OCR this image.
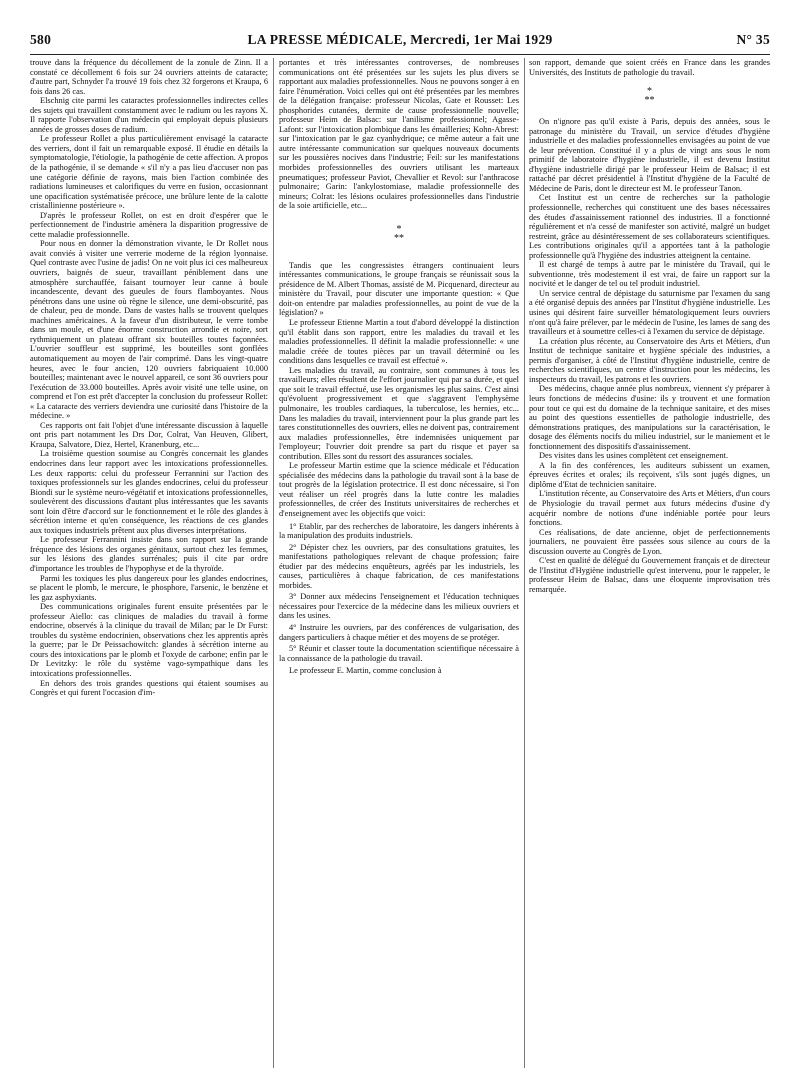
580	LA PRESSE MÉDICALE, Mercredi, 1er Mai 1929	N° 35

trouve dans la fréquence du décollement de la zonule de Zinn. Il a constaté ce décollement 6 fois sur 24 ouvriers atteints de cataracte; d'autre part, Schnyder l'a trouvé 19 fois chez 32 forgerons et Kraupa, 6 fois dans 26 cas.

Elschnig cite parmi les cataractes professionnelles indirectes celles des sujets qui travaillent constamment avec le radium ou les rayons X. Il rapporte l'observation d'un médecin qui employait depuis plusieurs années de grosses doses de radium.

Le professeur Rollet a plus particulièrement envisagé la cataracte des verriers, dont il fait un remarquable exposé. Il étudie en détails la symptomatologie, l'étiologie, la pathogénie de cette affection. A propos de la pathogénie, il se demande « s'il n'y a pas lieu d'accuser non pas une catégorie définie de rayons, mais bien l'action combinée des radiations lumineuses et calorifiques du verre en fusion, occasionnant une opacification systématisée précoce, une brûlure lente de la calotte cristallinienne postérieure ».

D'après le professeur Rollet, on est en droit d'espérer que le perfectionnement de l'industrie amènera la disparition progressive de cette maladie professionnelle.

Pour nous en donner la démonstration vivante, le Dr Rollet nous avait conviés à visiter une verrerie moderne de la région lyonnaise. Quel contraste avec l'usine de jadis! On ne voit plus ici ces malheureux ouvriers, baignés de sueur, travaillant péniblement dans une atmosphère surchauffée, faisant tournoyer leur canne à boule incandescente, devant des gueules de fours flamboyantes. Nous pénétrons dans une usine où règne le silence, une demi-obscurité, pas de chaleur, peu de monde. Dans de vastes halls se trouvent quelques machines américaines. A la faveur d'un distributeur, le verre tombe dans un moule, et d'une énorme construction arrondie et noire, sort rythmiquement un plateau offrant six bouteilles toutes façonnées. L'ouvrier souffleur est supprimé, les bouteilles sont gonflées automatiquement au moyen de l'air comprimé. Dans les vingt-quatre heures, avec le four ancien, 120 ouvriers fabriquaient 10.000 bouteilles; maintenant avec le nouvel appareil, ce sont 36 ouvriers pour l'exécution de 33.000 bouteilles. Après avoir visité une telle usine, on comprend et l'on est prêt d'accepter la conclusion du professeur Rollet: « La cataracte des verriers deviendra une curiosité dans l'histoire de la médecine. »

Ces rapports ont fait l'objet d'une intéressante discussion à laquelle ont pris part notamment les Drs Dor, Colrat, Van Heuven, Glibert, Kraupa, Salvatore, Diez, Hertel, Kranenburg, etc...

La troisième question soumise au Congrès concernait les glandes endocrines dans leur rapport avec les intoxications professionnelles. Les deux rapports: celui du professeur Ferrannini sur l'action des toxiques professionnels sur les glandes endocrines, celui du professeur Biondi sur le système neuro-végétatif et intoxications professionnelles, soulevèrent des discussions d'autant plus intéressantes que les savants sont loin d'être d'accord sur le fonctionnement et le rôle des glandes à sécrétion interne et qu'en conséquence, les réactions de ces glandes aux toxiques industriels prêtent aux plus diverses interprétations.

Le professeur Ferrannini insiste dans son rapport sur la grande fréquence des lésions des organes génitaux, surtout chez les femmes, sur les lésions des glandes surrénales; puis il cite par ordre d'importance les troubles de l'hypophyse et de la thyroïde.

Parmi les toxiques les plus dangereux pour les glandes endocrines, se placent le plomb, le mercure, le phosphore, l'arsenic, le benzène et les gaz asphyxiants.

Des communications originales furent ensuite présentées par le professeur Aiello: cas cliniques de maladies du travail à forme endocrine, observés à la clinique du travail de Milan; par le Dr Furst: troubles du système endocrinien, observations chez les apprentis après la guerre; par le Dr Peissachowitch: glandes à sécrétion interne au cours des intoxications par le plomb et l'oxyde de carbone; enfin par le Dr Levitzky: le rôle du système vago-sympathique dans les intoxications professionnelles.

En dehors des trois grandes questions qui étaient soumises au Congrès et qui furent l'occasion d'im-

portantes et très intéressantes controverses, de nombreuses communications ont été présentées sur les sujets les plus divers se rapportant aux maladies professionnelles. Nous ne pouvons songer à en faire l'énumération. Voici celles qui ont été présentées par les membres de la délégation française: professeur Nicolas, Gate et Rousset: Les phosphorides cutanées, dermite de cause professionnelle nouvelle; professeur Heim de Balsac: sur l'anilisme professionnel; Agasse-Lafont: sur l'intoxication plombique dans les émailleries; Kohn-Abrest: sur l'intoxication par le gaz cyanhydrique; ce même auteur a fait une autre intéressante communication sur quelques nouveaux documents sur les poussières nocives dans l'industrie; Feil: sur les manifestations morbides professionnelles des ouvriers utilisant les marteaux pneumatiques; professeur Paviot, Chevallier et Revol: sur l'anthracose pulmonaire; Garin: l'ankylostomiase, maladie professionnelle des mineurs; Colrat: les lésions oculaires professionnelles dans l'industrie de la soie artificielle, etc...

*
**

Tandis que les congressistes étrangers continuaient leurs intéressantes communications, le groupe français se réunissait sous la présidence de M. Albert Thomas, assisté de M. Picquenard, directeur au ministère du Travail, pour discuter une importante question: « Que doit-on entendre par maladies professionnelles, au point de vue de la législation? »

Le professeur Etienne Martin a tout d'abord développé la distinction qu'il établit dans son rapport, entre les maladies du travail et les maladies professionnelles. Il définit la maladie professionnelle: « une maladie créée de toutes pièces par un travail déterminé ou les conditions dans lesquelles ce travail est effectué ».

Les maladies du travail, au contraire, sont communes à tous les travailleurs; elles résultent de l'effort journalier qui par sa durée, et quel que soit le travail effectué, use les organismes les plus sains. C'est ainsi qu'évoluent progressivement et que s'aggravent l'emphysème pulmonaire, les troubles cardiaques, la tuberculose, les hernies, etc... Dans les maladies du travail, interviennent pour la plus grande part les tares constitutionnelles des ouvriers, elles ne doivent pas, contrairement aux maladies professionnelles, être indemnisées uniquement par l'employeur; l'ouvrier doit prendre sa part du risque et payer sa contribution. Elles sont du ressort des assurances sociales.

Le professeur Martin estime que la science médicale et l'éducation spécialisée des médecins dans la pathologie du travail sont à la base de tout progrès de la législation protectrice. Il est donc nécessaire, si l'on veut réaliser un réel progrès dans la lutte contre les maladies professionnelles, de créer des Instituts universitaires de recherches et d'enseignement avec les objectifs que voici:

1° Etablir, par des recherches de laboratoire, les dangers inhérents à la manipulation des produits industriels.

2° Dépister chez les ouvriers, par des consultations gratuites, les manifestations pathologiques relevant de chaque profession; faire étudier par des médecins enquêteurs, agréés par les industriels, les causes, particulières à chaque fabrication, de ces manifestations morbides.

3° Donner aux médecins l'enseignement et l'éducation techniques nécessaires pour l'exercice de la médecine dans les milieux ouvriers et dans les usines.

4° Instruire les ouvriers, par des conférences de vulgarisation, des dangers particuliers à chaque métier et des moyens de se protéger.

5° Réunir et classer toute la documentation scientifique nécessaire à la connaissance de la pathologie du travail.

Le professeur E. Martin, comme conclusion à

son rapport, demande que soient créés en France dans les grandes Universités, des Instituts de pathologie du travail.

*
**

On n'ignore pas qu'il existe à Paris, depuis des années, sous le patronage du ministère du Travail, un service d'études d'hygiène industrielle et des maladies professionnelles envisagées au point de vue de leur prévention. Constitué il y a plus de vingt ans sous le nom primitif de laboratoire d'hygiène industrielle, il est devenu Institut d'hygiène industrielle dirigé par le professeur Heim de Balsac; il est rattaché par décret présidentiel à l'Institut d'hygiène de la Faculté de Médecine de Paris, dont le directeur est M. le professeur Tanon.

Cet Institut est un centre de recherches sur la pathologie professionnelle, recherches qui constituent une des bases nécessaires des études d'assainissement rationnel des industries. Il a fonctionné régulièrement et n'a cessé de manifester son activité, malgré un budget restreint, grâce au désintéressement de ses collaborateurs scientifiques. Les contributions originales qu'il a apportées tant à la pathologie professionnelle qu'à l'hygiène des industries atteignent la centaine.

Il est chargé de temps à autre par le ministère du Travail, qui le subventionne, très modestement il est vrai, de faire un rapport sur la nocivité et le danger de tel ou tel produit industriel.

Un service central de dépistage du saturnisme par l'examen du sang a été organisé depuis des années par l'Institut d'hygiène industrielle. Les usines qui désirent faire surveiller hématologiquement leurs ouvriers n'ont qu'à faire prélever, par le médecin de l'usine, les lames de sang des travailleurs et à soumettre celles-ci à l'examen du service de dépistage.

La création plus récente, au Conservatoire des Arts et Métiers, d'un Institut de technique sanitaire et hygiène spéciale des industries, a permis d'organiser, à côté de l'Institut d'hygiène industrielle, centre de recherches scientifiques, un centre d'instruction pour les médecins, les inspecteurs du travail, les patrons et les ouvriers.

Des médecins, chaque année plus nombreux, viennent s'y préparer à leurs fonctions de médecins d'usine: ils y trouvent et une formation pour tout ce qui est du domaine de la technique sanitaire, et des mises au point des questions essentielles de pathologie industrielle, des démonstrations pratiques, des manipulations sur la caractérisation, le dosage des éléments nocifs du milieu industriel, sur le maniement et le fonctionnement des dispositifs d'assainissement.

Des visites dans les usines complètent cet enseignement.

A la fin des conférences, les auditeurs subissent un examen, épreuves écrites et orales; ils reçoivent, s'ils sont jugés dignes, un diplôme d'Etat de technicien sanitaire.

L'institution récente, au Conservatoire des Arts et Métiers, d'un cours de Physiologie du travail permet aux futurs médecins d'usine d'y acquérir nombre de notions d'une indéniable portée pour leurs fonctions.

Ces réalisations, de date ancienne, objet de perfectionnements journaliers, ne pouvaient être passées sous silence au cours de la discussion ouverte au Congrès de Lyon.

C'est en qualité de délégué du Gouvernement français et de directeur de l'Institut d'Hygiène industrielle qu'est intervenu, pour le rappeler, le professeur Heim de Balsac, dans une éloquente improvisation très remarquée.
